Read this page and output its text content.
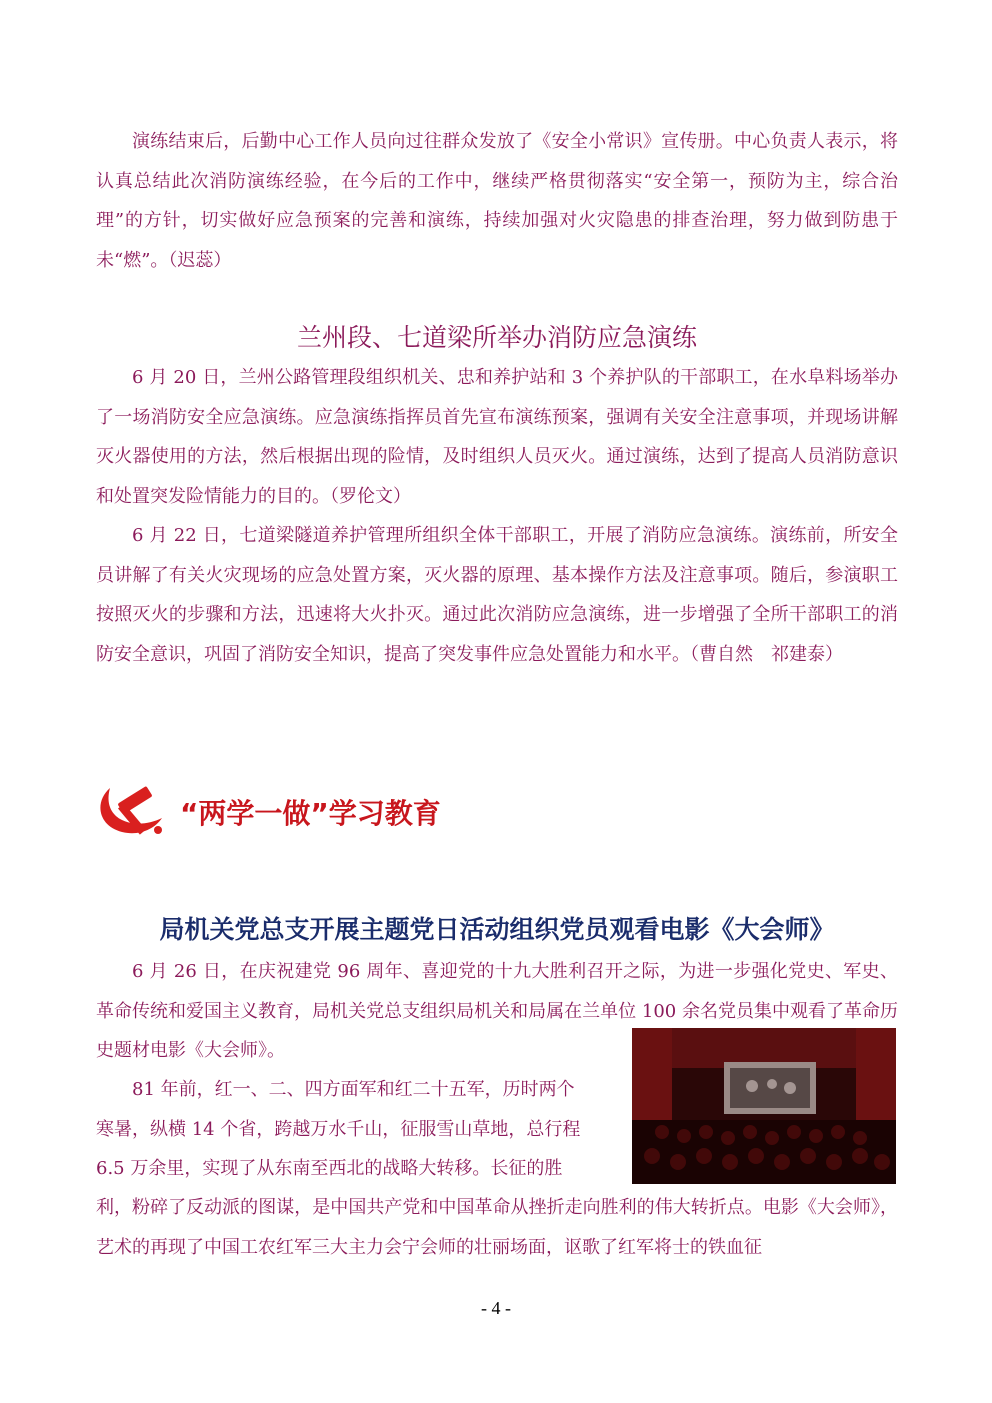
演练结束后，后勤中心工作人员向过往群众发放了《安全小常识》宣传册。中心负责人表示，将认真总结此次消防演练经验，在今后的工作中，继续严格贯彻落实“安全第一，预防为主，综合治理”的方针，切实做好应急预案的完善和演练，持续加强对火灾隐患的排查治理，努力做到防患于未“燃”。（迟蕊）

兰州段、七道梁所举办消防应急演练

6 月 20 日，兰州公路管理段组织机关、忠和养护站和 3 个养护队的干部职工，在水阜料场举办了一场消防安全应急演练。应急演练指挥员首先宣布演练预案，强调有关安全注意事项，并现场讲解灭火器使用的方法，然后根据出现的险情，及时组织人员灭火。通过演练，达到了提高人员消防意识和处置突发险情能力的目的。（罗伦文）

6 月 22 日，七道梁隧道养护管理所组织全体干部职工，开展了消防应急演练。演练前，所安全员讲解了有关火灾现场的应急处置方案，灭火器的原理、基本操作方法及注意事项。随后，参演职工按照灭火的步骤和方法，迅速将大火扑灭。通过此次消防应急演练，进一步增强了全所干部职工的消防安全意识，巩固了消防安全知识，提高了突发事件应急处置能力和水平。（曹自然　祁建泰）

“两学一做”学习教育
局机关党总支开展主题党日活动组织党员观看电影《大会师》

6 月 26 日，在庆祝建党 96 周年、喜迎党的十九大胜利召开之际，为进一步强化党史、军史、革命传统和爱国主义教育，局机关党总支组织局机关和局属在兰单位 100 余名党员集中观看了革命历史题材电影《大会师》。

81 年前，红一、二、四方面军和红二十五军，历时两个
寒暑，纵横 14 个省，跨越万水千山，征服雪山草地，总行程
6.5 万余里，实现了从东南至西北的战略大转移。长征的胜

利，粉碎了反动派的图谋，是中国共产党和中国革命从挫折走向胜利的伟大转折点。电影《大会师》，艺术的再现了中国工农红军三大主力会宁会师的壮丽场面，讴歌了红军将士的铁血征

- 4 -
